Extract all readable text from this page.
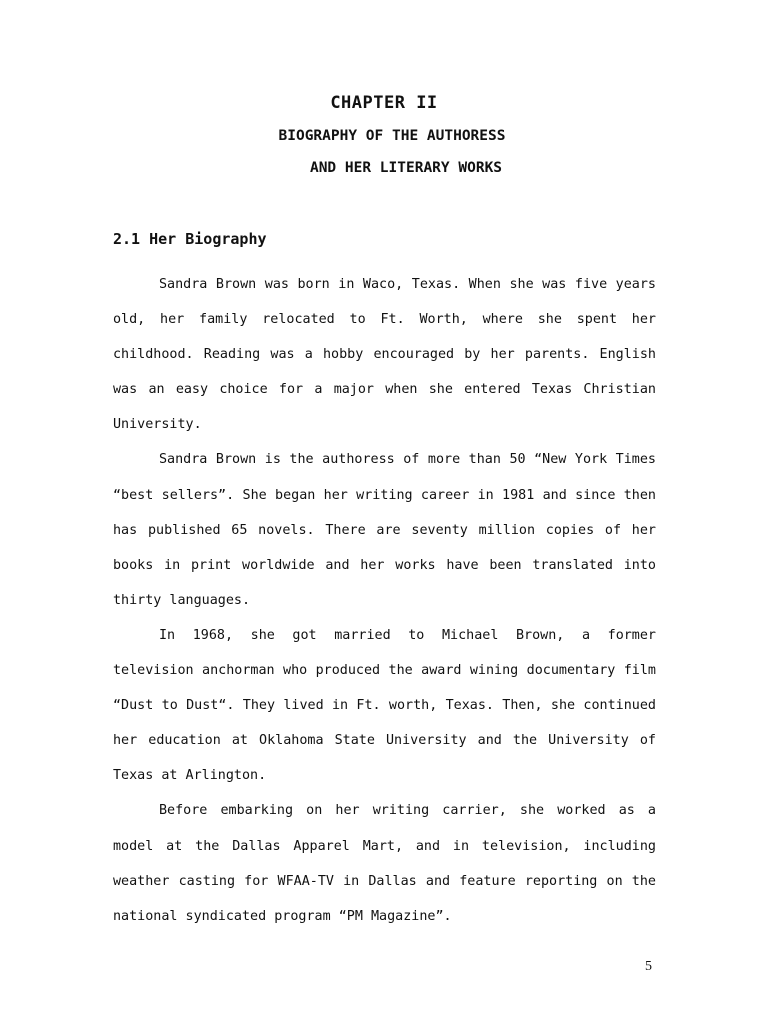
CHAPTER II
BIOGRAPHY OF THE AUTHORESS
AND HER LITERARY WORKS
2.1 Her Biography

Sandra Brown was born in Waco, Texas. When she was five years old, her family relocated to Ft. Worth, where she spent her childhood. Reading was a hobby encouraged by her parents. English was an easy choice for a major when she entered Texas Christian University.

Sandra Brown is the authoress of more than 50 “New York Times “best sellers”. She began her writing career in 1981 and since then has published 65 novels. There are seventy million copies of her books in print worldwide and her works have been translated into thirty languages.

In 1968, she got married to Michael Brown, a former television anchorman who produced the award wining documentary film “Dust to Dust“. They lived in Ft. worth, Texas. Then, she continued her education at Oklahoma State University and the University of Texas at Arlington.

Before embarking on her writing carrier, she worked as a model at the Dallas Apparel Mart, and in television, including weather casting for WFAA-TV in Dallas and feature reporting on the national syndicated program “PM Magazine”.

5
